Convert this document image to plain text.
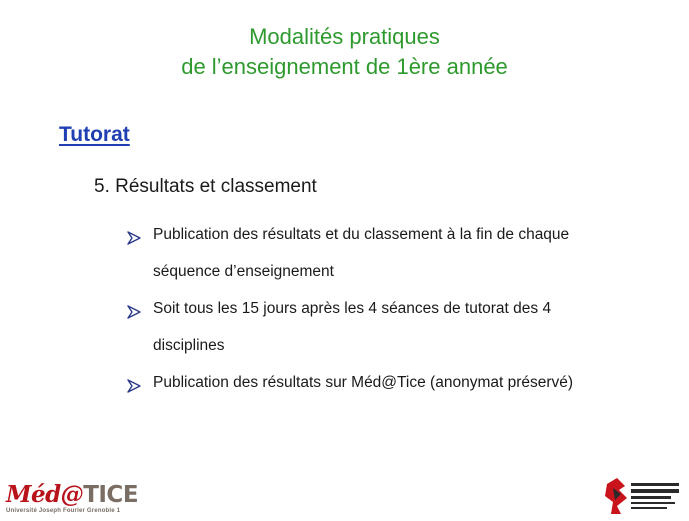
Modalités pratiques
de l’enseignement de 1ère année
Tutorat
5. Résultats et classement
Publication des résultats et du classement à la fin de chaque
séquence d’enseignement
Soit tous les 15 jours après les 4 séances de tutorat des 4
disciplines
Publication des résultats sur Méd@Tice (anonymat préservé)
Méd@TICE
Université Joseph Fourier Grenoble 1
